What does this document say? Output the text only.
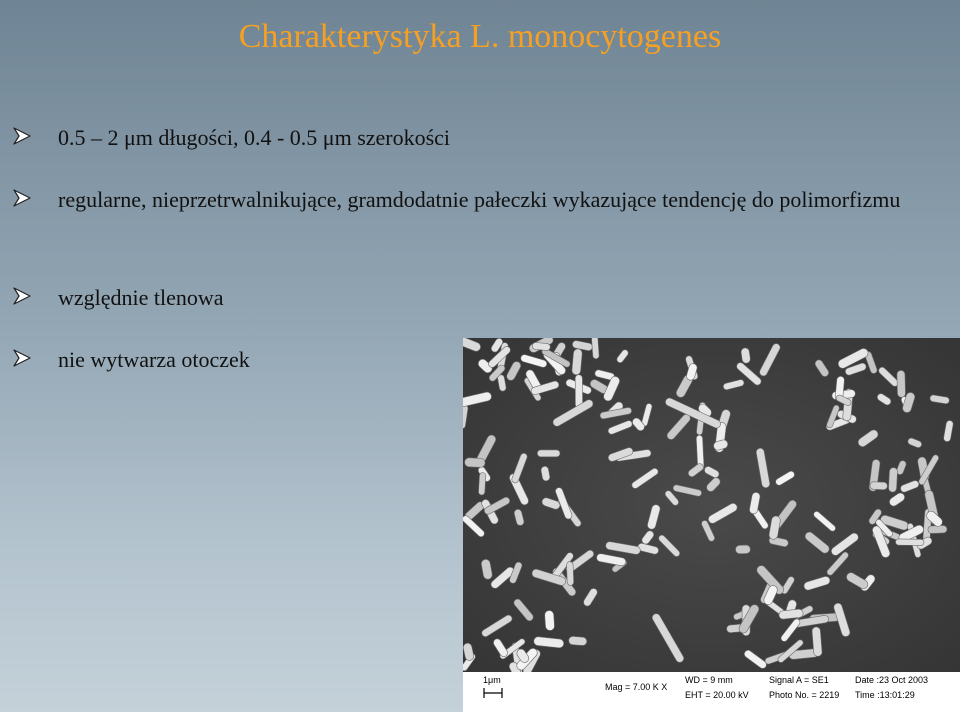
Charakterystyka L. monocytogenes
0.5 – 2 μm długości, 0.4 - 0.5 μm szerokości
regularne, nieprzetrwalnikujące, gramdodatnie pałeczki wykazujące tendencję do polimorfizmu
względnie tlenowa
nie wytwarza otoczek
1μm
Mag = 7.00 K X
WD = 9 mm
EHT = 20.00 kV
Signal A = SE1
Photo No. = 2219
Date :23 Oct 2003
Time :13:01:29
